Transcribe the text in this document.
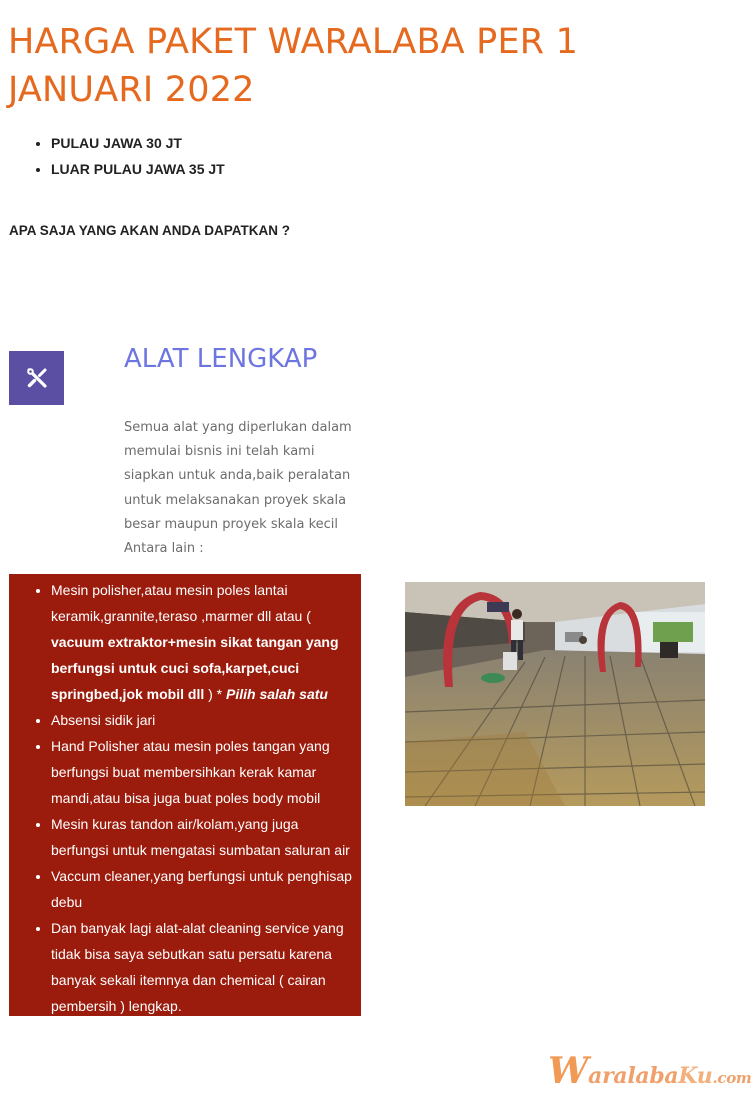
HARGA PAKET WARALABA PER 1
JANUARI 2022
• PULAU JAWA 30 JT
• LUAR PULAU JAWA 35 JT

APA SAJA YANG AKAN ANDA DAPATKAN ?

ALAT LENGKAP

Semua alat yang diperlukan dalam memulai bisnis ini telah kami siapkan untuk anda,baik peralatan untuk melaksanakan proyek skala besar maupun proyek skala kecil Antara lain :

• Mesin polisher,atau mesin poles lantai keramik,grannite,teraso ,marmer dll atau (
vacuum extraktor+mesin sikat tangan yang berfungsi untuk cuci sofa,karpet,cuci springbed,jok mobil dll ) * Pilih salah satu
• Absensi sidik jari
• Hand Polisher atau mesin poles tangan yang berfungsi buat membersihkan kerak kamar mandi,atau bisa juga buat poles body mobil
• Mesin kuras tandon air/kolam,yang juga berfungsi untuk mengatasi sumbatan saluran air
• Vaccum cleaner,yang berfungsi untuk penghisap debu
• Dan banyak lagi alat-alat cleaning service yang tidak bisa saya sebutkan satu persatu karena banyak sekali itemnya dan chemical ( cairan pembersih ) lengkap.
WaralabaKu.com
